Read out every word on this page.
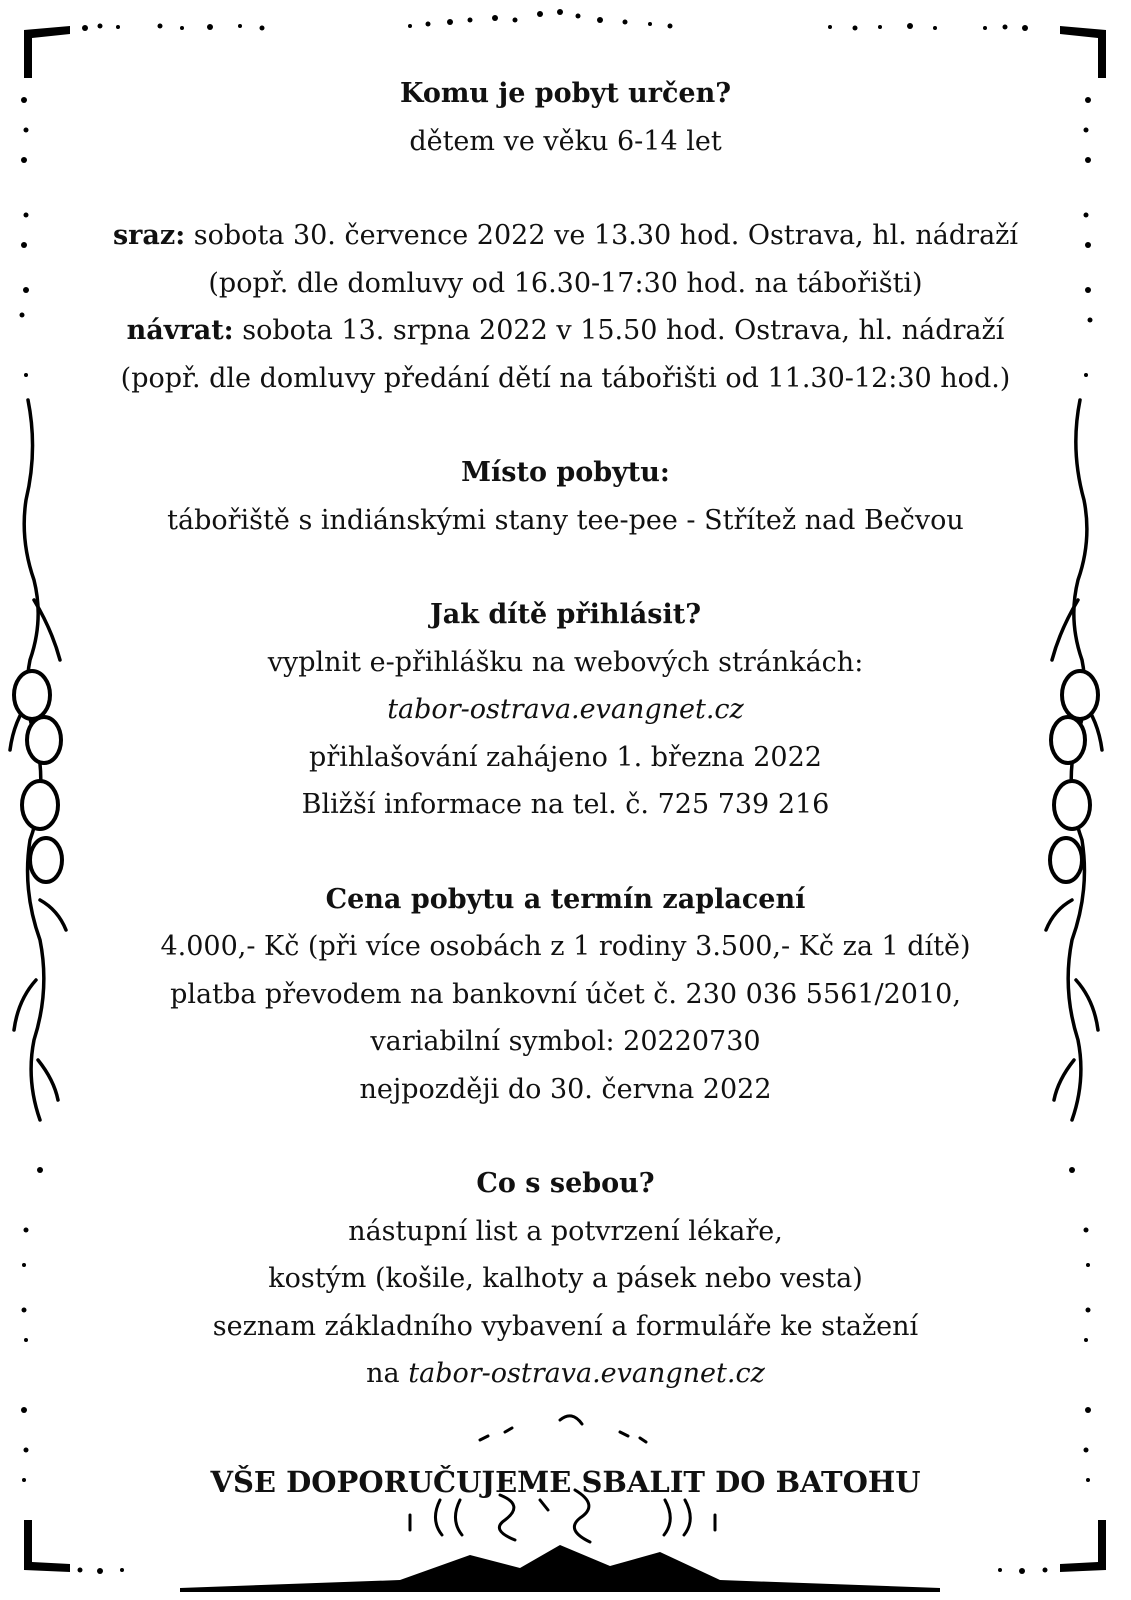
Komu je pobyt určen?

dětem ve věku 6-14 let

sraz: sobota 30. července 2022 ve 13.30 hod. Ostrava, hl. nádraží

(popř. dle domluvy od 16.30-17:30 hod. na tábořišti)

návrat: sobota 13. srpna 2022 v 15.50 hod. Ostrava, hl. nádraží

(popř. dle domluvy předání dětí na tábořišti od 11.30-12:30 hod.)

Místo pobytu:

tábořiště s indiánskými stany tee-pee - Střítež nad Bečvou

Jak dítě přihlásit?

vyplnit e-přihlášku na webových stránkách:

tabor-ostrava.evangnet.cz

přihlašování zahájeno 1. března 2022

Bližší informace na tel. č. 725 739 216

Cena pobytu a termín zaplacení

4.000,- Kč (při více osobách z 1 rodiny 3.500,- Kč za 1 dítě)

platba převodem na bankovní účet č. 230 036 5561/2010,

variabilní symbol: 20220730

nejpozději do 30. června 2022

Co s sebou?

nástupní list a potvrzení lékaře,

kostým (košile, kalhoty a pásek nebo vesta)

seznam základního vybavení a formuláře ke stažení

na tabor-ostrava.evangnet.cz

VŠE DOPORUČUJEME SBALIT DO BATOHU
